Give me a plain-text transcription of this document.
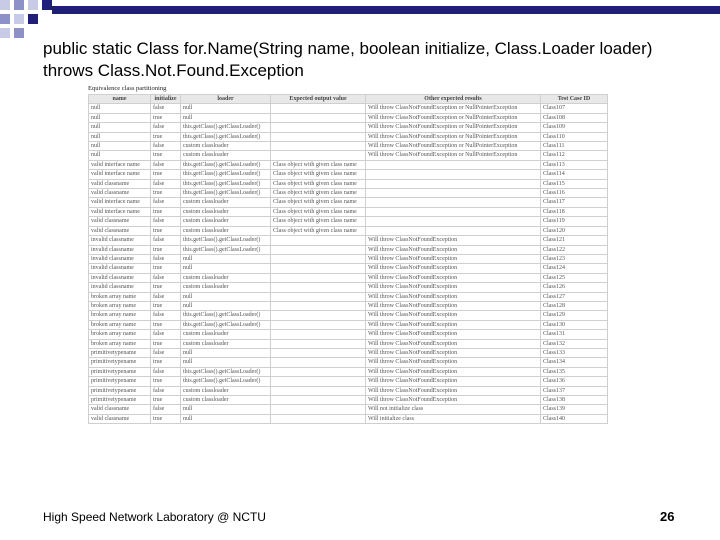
public static Class for.Name(String name, boolean initialize, Class.Loader loader) throws Class.Not.Found.Exception
Equivalence class partitioning
name	initialize	loader	Expected output value	Other expected results	Test Case ID
null	false	null		Will throw ClassNotFoundException or NullPointerException	Class107
null	true	null		Will throw ClassNotFoundException or NullPointerException	Class108
null	false	this.getClass().getClassLoader()		Will throw ClassNotFoundException or NullPointerException	Class109
null	true	this.getClass().getClassLoader()		Will throw ClassNotFoundException or NullPointerException	Class110
null	false	custom classloader		Will throw ClassNotFoundException or NullPointerException	Class111
null	true	custom classloader		Will throw ClassNotFoundException or NullPointerException	Class112
valid interface name	false	this.getClass().getClassLoader()	Class object with given class name		Class113
valid interface name	true	this.getClass().getClassLoader()	Class object with given class name		Class114
valid classname	false	this.getClass().getClassLoader()	Class object with given class name		Class115
valid classname	true	this.getClass().getClassLoader()	Class object with given class name		Class116
valid interface name	false	custom classloader	Class object with given class name		Class117
valid interface name	true	custom classloader	Class object with given class name		Class118
valid classname	false	custom classloader	Class object with given class name		Class119
valid classname	true	custom classloader	Class object with given class name		Class120
invalid classname	false	this.getClass().getClassLoader()		Will throw ClassNotFoundException	Class121
invalid classname	true	this.getClass().getClassLoader()		Will throw ClassNotFoundException	Class122
invalid classname	false	null		Will throw ClassNotFoundException	Class123
invalid classname	true	null		Will throw ClassNotFoundException	Class124
invalid classname	false	custom classloader		Will throw ClassNotFoundException	Class125
invalid classname	true	custom classloader		Will throw ClassNotFoundException	Class126
broken array name	false	null		Will throw ClassNotFoundException	Class127
broken array name	true	null		Will throw ClassNotFoundException	Class128
broken array name	false	this.getClass().getClassLoader()		Will throw ClassNotFoundException	Class129
broken array name	true	this.getClass().getClassLoader()		Will throw ClassNotFoundException	Class130
broken array name	false	custom classloader		Will throw ClassNotFoundException	Class131
broken array name	true	custom classloader		Will throw ClassNotFoundException	Class132
primitivetypename	false	null		Will throw ClassNotFoundException	Class133
primitivetypename	true	null		Will throw ClassNotFoundException	Class134
primitivetypename	false	this.getClass().getClassLoader()		Will throw ClassNotFoundException	Class135
primitivetypename	true	this.getClass().getClassLoader()		Will throw ClassNotFoundException	Class136
primitivetypename	false	custom classloader		Will throw ClassNotFoundException	Class137
primitivetypename	true	custom classloader		Will throw ClassNotFoundException	Class138
valid classname	false	null		Will not initialize class	Class139
valid classname	true	null		Will initialize class	Class140
High Speed Network Laboratory @ NCTU	26
